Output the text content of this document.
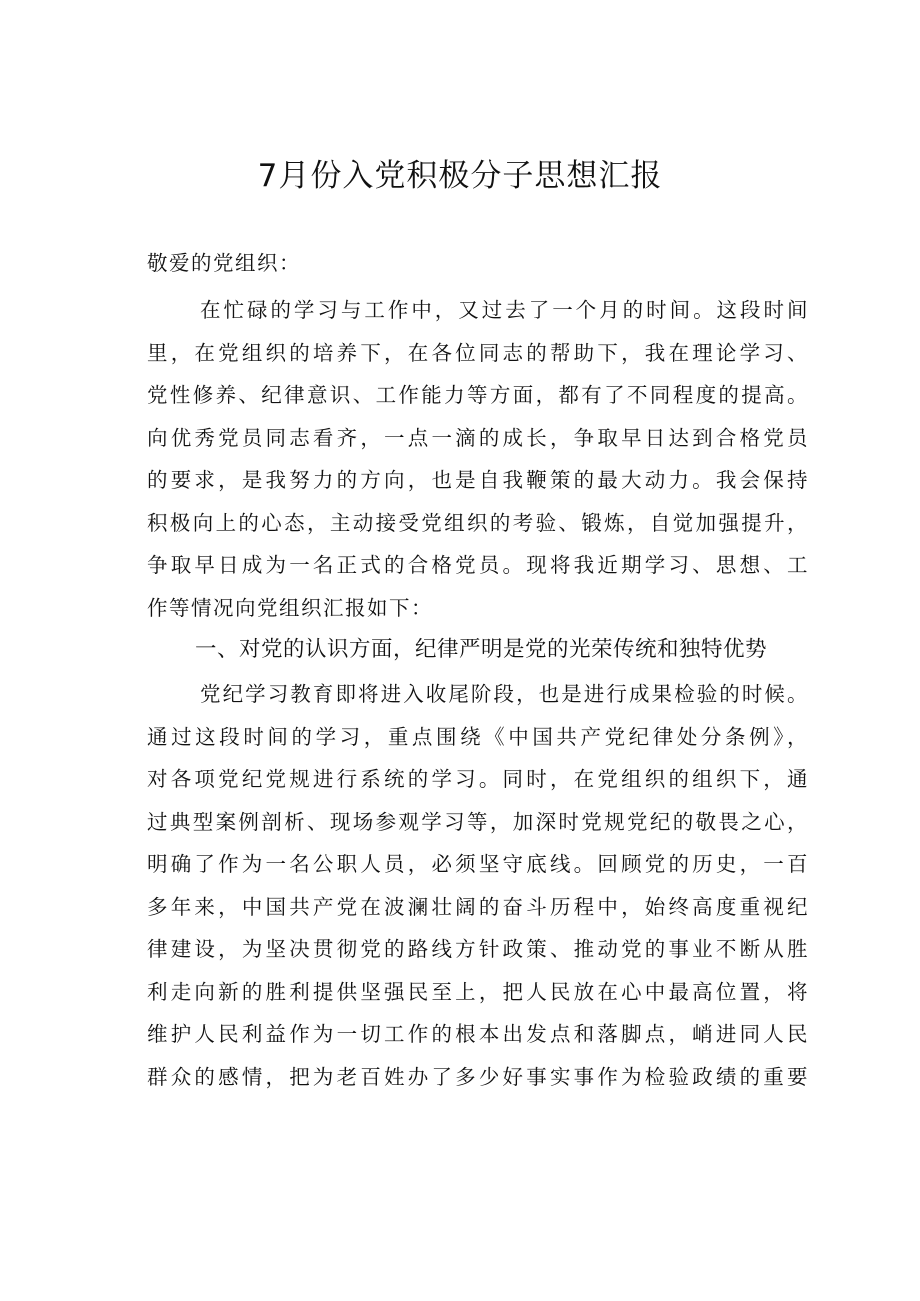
7月份入党积极分子思想汇报

敬爱的党组织：

在忙碌的学习与工作中，又过去了一个月的时间。这段时间
里，在党组织的培养下，在各位同志的帮助下，我在理论学习、
党性修养、纪律意识、工作能力等方面，都有了不同程度的提高。
向优秀党员同志看齐，一点一滴的成长，争取早日达到合格党员
的要求，是我努力的方向，也是自我鞭策的最大动力。我会保持
积极向上的心态，主动接受党组织的考验、锻炼，自觉加强提升，
争取早日成为一名正式的合格党员。现将我近期学习、思想、工
作等情况向党组织汇报如下：
一、对党的认识方面，纪律严明是党的光荣传统和独特优势
党纪学习教育即将进入收尾阶段，也是进行成果检验的时候。
通过这段时间的学习，重点围绕《中国共产党纪律处分条例》，
对各项党纪党规进行系统的学习。同时，在党组织的组织下，通
过典型案例剖析、现场参观学习等，加深时党规党纪的敬畏之心，
明确了作为一名公职人员，必须坚守底线。回顾党的历史，一百
多年来，中国共产党在波澜壮阔的奋斗历程中，始终高度重视纪
律建设，为坚决贯彻党的路线方针政策、推动党的事业不断从胜
利走向新的胜利提供坚强民至上，把人民放在心中最高位置，将
维护人民利益作为一切工作的根本出发点和落脚点，峭进同人民
群众的感情，把为老百姓办了多少好事实事作为检验政绩的重要
